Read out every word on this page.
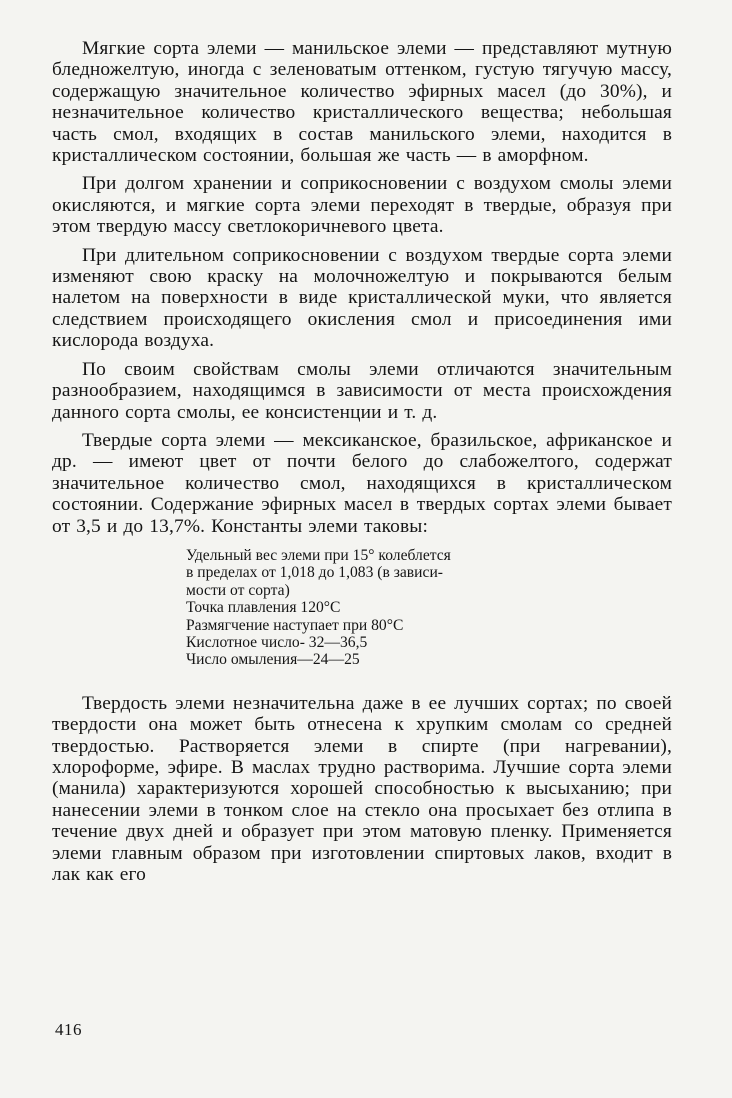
Мягкие сорта элеми — манильское элеми — представляют мутную бледножелтую, иногда с зеленоватым оттенком, густую тягучую массу, содержащую значительное количество эфирных масел (до 30%), и незначительное количество кристаллического вещества; небольшая часть смол, входящих в состав манильского элеми, находится в кристаллическом состоянии, большая же часть — в аморфном.

При долгом хранении и соприкосновении с воздухом смолы элеми окисляются, и мягкие сорта элеми переходят в твердые, образуя при этом твердую массу светлокоричневого цвета.

При длительном соприкосновении с воздухом твердые сорта элеми изменяют свою краску на молочножелтую и покрываются белым налетом на поверхности в виде кристаллической муки, что является следствием происходящего окисления смол и присоединения ими кислорода воздуха.

По своим свойствам смолы элеми отличаются значительным разнообразием, находящимся в зависимости от места происхождения данного сорта смолы, ее консистенции и т. д.

Твердые сорта элеми — мексиканское, бразильское, африканское и др. — имеют цвет от почти белого до слабожелтого, содержат значительное количество смол, находящихся в кристаллическом состоянии. Содержание эфирных масел в твердых сортах элеми бывает от 3,5 и до 13,7%. Константы элеми таковы:

Удельный вес элеми при 15° колеблется
в пределах от 1,018 до 1,083 (в зависи-
мости от сорта)
Точка плавления 120°С
Размягчение наступает при 80°С
Кислотное число- 32—36,5
Число омыления—24—25

Твердость элеми незначительна даже в ее лучших сортах; по своей твердости она может быть отнесена к хрупким смолам со средней твердостью. Растворяется элеми в спирте (при нагревании), хлороформе, эфире. В маслах трудно растворима. Лучшие сорта элеми (манила) характеризуются хорошей способностью к высыханию; при нанесении элеми в тонком слое на стекло она просыхает без отлипа в течение двух дней и образует при этом матовую пленку. Применяется элеми главным образом при изготовлении спиртовых лаков, входит в лак как его

416
